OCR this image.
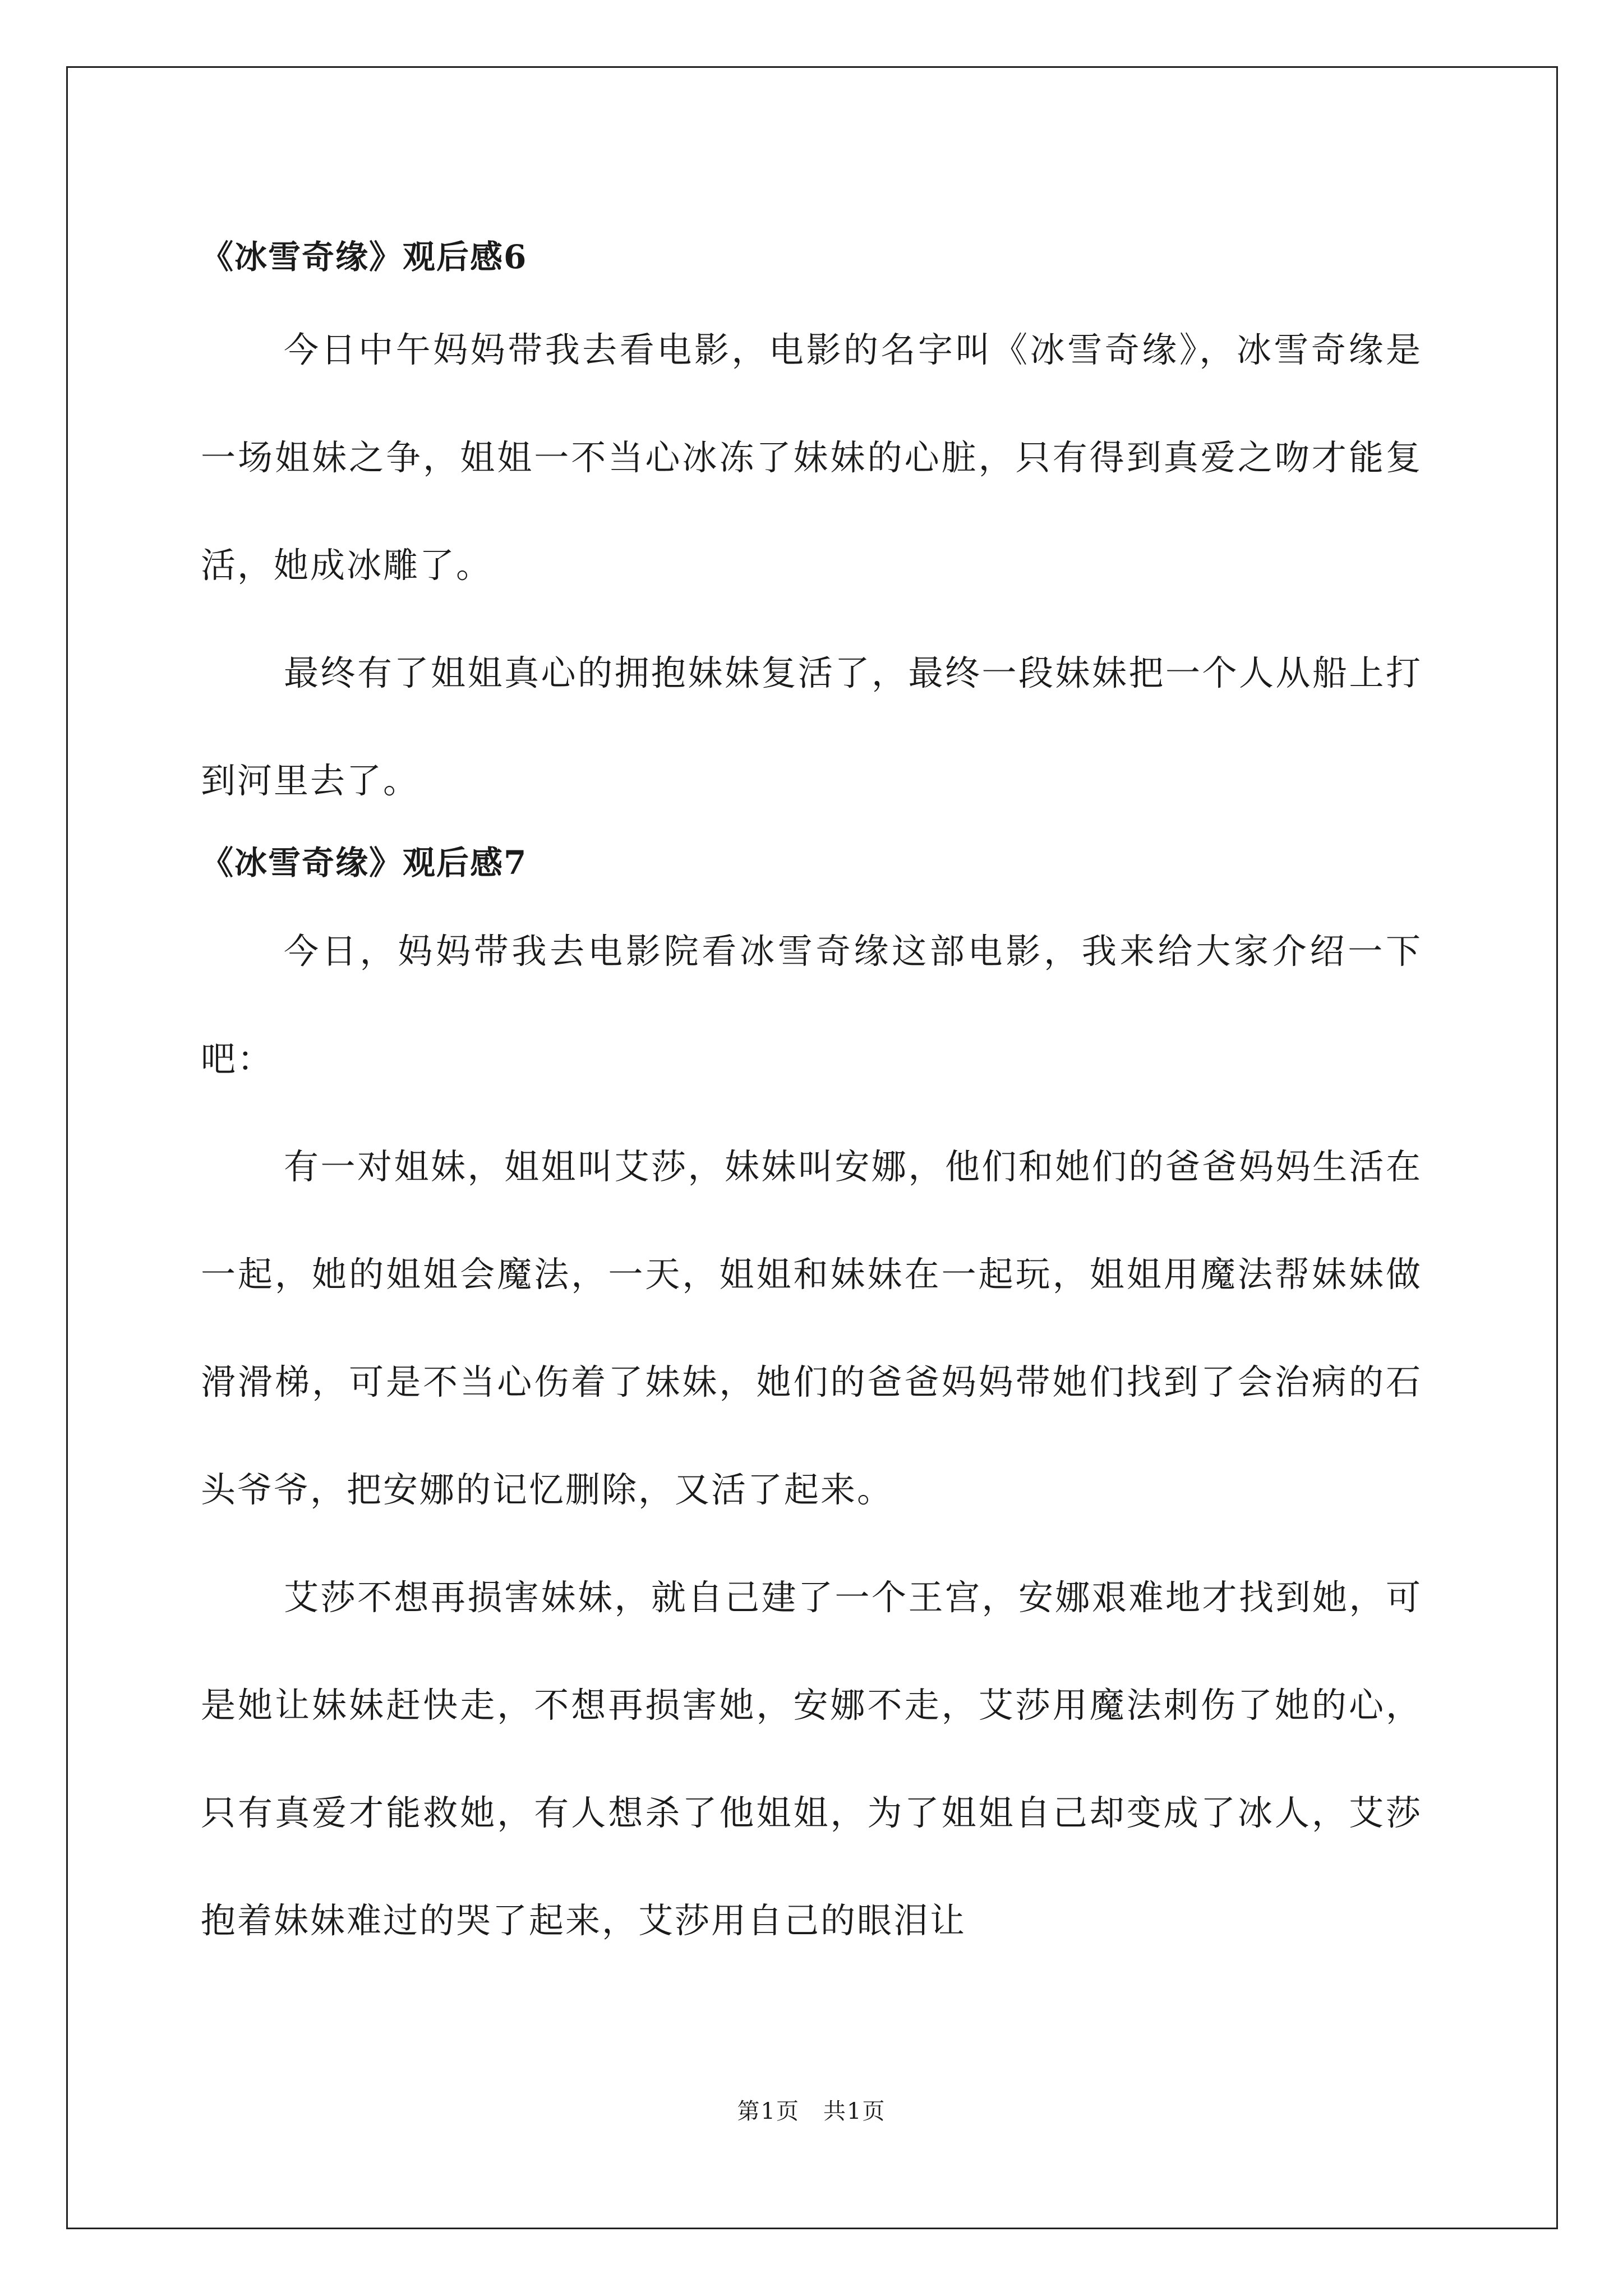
《冰雪奇缘》观后感6

今日中午妈妈带我去看电影，电影的名字叫《冰雪奇缘》，冰雪奇缘是一场姐妹之争，姐姐一不当心冰冻了妹妹的心脏，只有得到真爱之吻才能复活，她成冰雕了。

最终有了姐姐真心的拥抱妹妹复活了，最终一段妹妹把一个人从船上打到河里去了。

《冰雪奇缘》观后感7

今日，妈妈带我去电影院看冰雪奇缘这部电影，我来给大家介绍一下吧：

有一对姐妹，姐姐叫艾莎，妹妹叫安娜，他们和她们的爸爸妈妈生活在一起，她的姐姐会魔法，一天，姐姐和妹妹在一起玩，姐姐用魔法帮妹妹做滑滑梯，可是不当心伤着了妹妹，她们的爸爸妈妈带她们找到了会治病的石头爷爷，把安娜的记忆删除，又活了起来。

艾莎不想再损害妹妹，就自己建了一个王宫，安娜艰难地才找到她，可是她让妹妹赶快走，不想再损害她，安娜不走，艾莎用魔法刺伤了她的心，只有真爱才能救她，有人想杀了他姐姐，为了姐姐自己却变成了冰人，艾莎抱着妹妹难过的哭了起来，艾莎用自己的眼泪让

第1页　共1页
